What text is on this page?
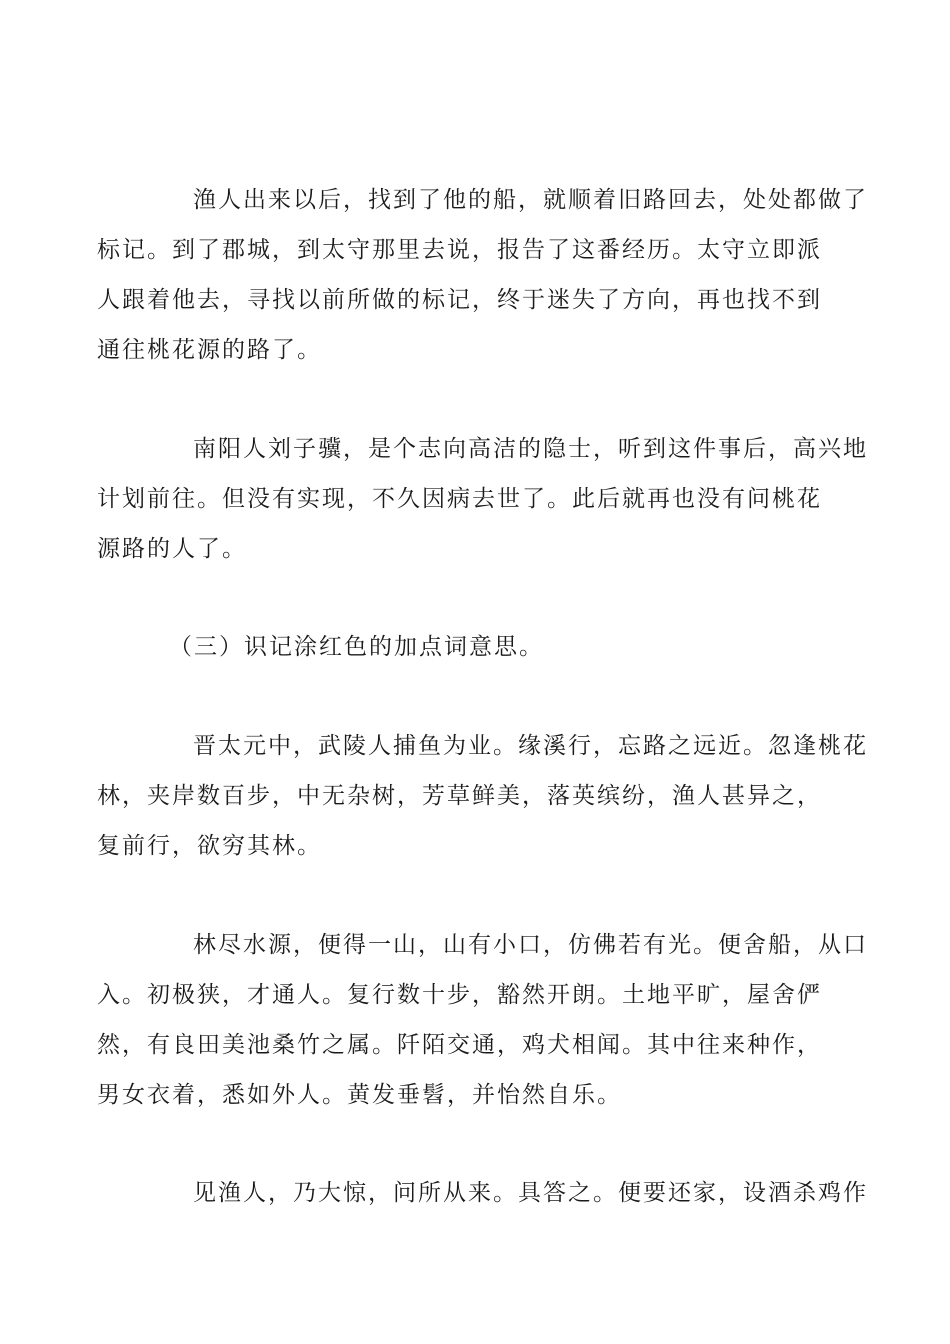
渔人出来以后，找到了他的船，就顺着旧路回去，处处都做了
标记。到了郡城，到太守那里去说，报告了这番经历。太守立即派
人跟着他去，寻找以前所做的标记，终于迷失了方向，再也找不到
通往桃花源的路了。

南阳人刘子骥，是个志向高洁的隐士，听到这件事后，高兴地
计划前往。但没有实现，不久因病去世了。此后就再也没有问桃花
源路的人了。

（三）识记涂红色的加点词意思。

晋太元中，武陵人捕鱼为业。缘溪行，忘路之远近。忽逢桃花
林，夹岸数百步，中无杂树，芳草鲜美，落英缤纷，渔人甚异之，
复前行，欲穷其林。

林尽水源，便得一山，山有小口，仿佛若有光。便舍船，从口
入。初极狭，才通人。复行数十步，豁然开朗。土地平旷，屋舍俨
然，有良田美池桑竹之属。阡陌交通，鸡犬相闻。其中往来种作，
男女衣着，悉如外人。黄发垂髫，并怡然自乐。

见渔人，乃大惊，问所从来。具答之。便要还家，设酒杀鸡作
